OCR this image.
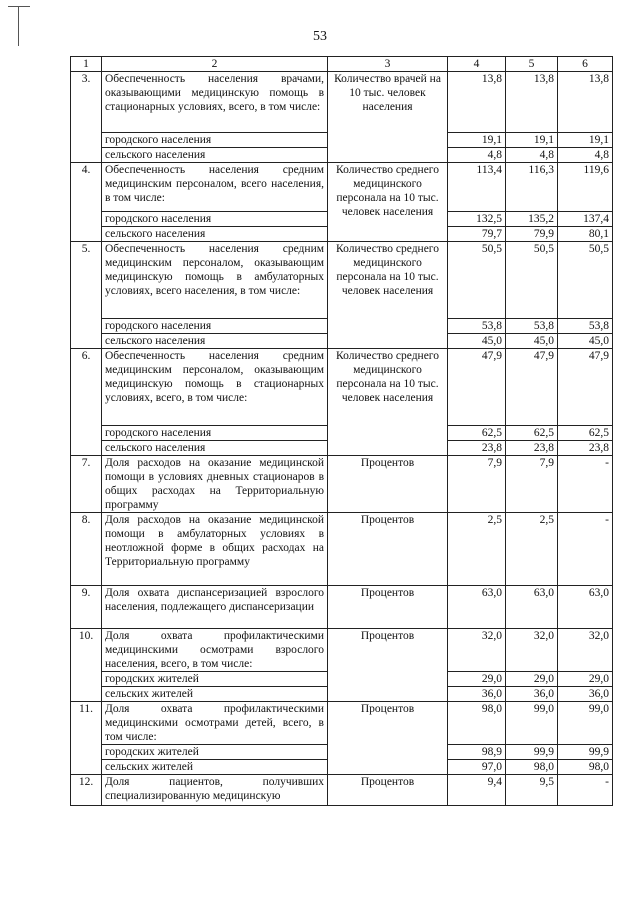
53
1	2	3	4	5	6
3.	Обеспеченность населения врачами, оказывающими медицинскую помощь в стационарных условиях, всего, в том числе:	Количество врачей на 10 тыс. человек населения	13,8	13,8	13,8
	городского населения		19,1	19,1	19,1
	сельского населения		4,8	4,8	4,8
4.	Обеспеченность населения средним медицинским персоналом, всего населения, в том числе:	Количество среднего медицинского персонала на 10 тыс. человек населения	113,4	116,3	119,6
	городского населения		132,5	135,2	137,4
	сельского населения		79,7	79,9	80,1
5.	Обеспеченность населения средним медицинским персоналом, оказывающим медицинскую помощь в амбулаторных условиях, всего населения, в том числе:	Количество среднего медицинского персонала на 10 тыс. человек населения	50,5	50,5	50,5
	городского населения		53,8	53,8	53,8
	сельского населения		45,0	45,0	45,0
6.	Обеспеченность населения средним медицинским персоналом, оказывающим медицинскую помощь в стационарных условиях, всего, в том числе:	Количество среднего медицинского персонала на 10 тыс. человек населения	47,9	47,9	47,9
	городского населения		62,5	62,5	62,5
	сельского населения		23,8	23,8	23,8
7.	Доля расходов на оказание медицинской помощи в условиях дневных стационаров в общих расходах на Территориальную программу	Процентов	7,9	7,9	-
8.	Доля расходов на оказание медицинской помощи в амбулаторных условиях в неотложной форме в общих расходах на Территориальную программу	Процентов	2,5	2,5	-
9.	Доля охвата диспансеризацией взрослого населения, подлежащего диспансеризации	Процентов	63,0	63,0	63,0
10.	Доля охвата профилактическими медицинскими осмотрами взрослого населения, всего, в том числе:	Процентов	32,0	32,0	32,0
	городских жителей		29,0	29,0	29,0
	сельских жителей		36,0	36,0	36,0
11.	Доля охвата профилактическими медицинскими осмотрами детей, всего, в том числе:	Процентов	98,0	99,0	99,0
	городских жителей		98,9	99,9	99,9
	сельских жителей		97,0	98,0	98,0
12.	Доля пациентов, получивших специализированную медицинскую	Процентов	9,4	9,5	-
